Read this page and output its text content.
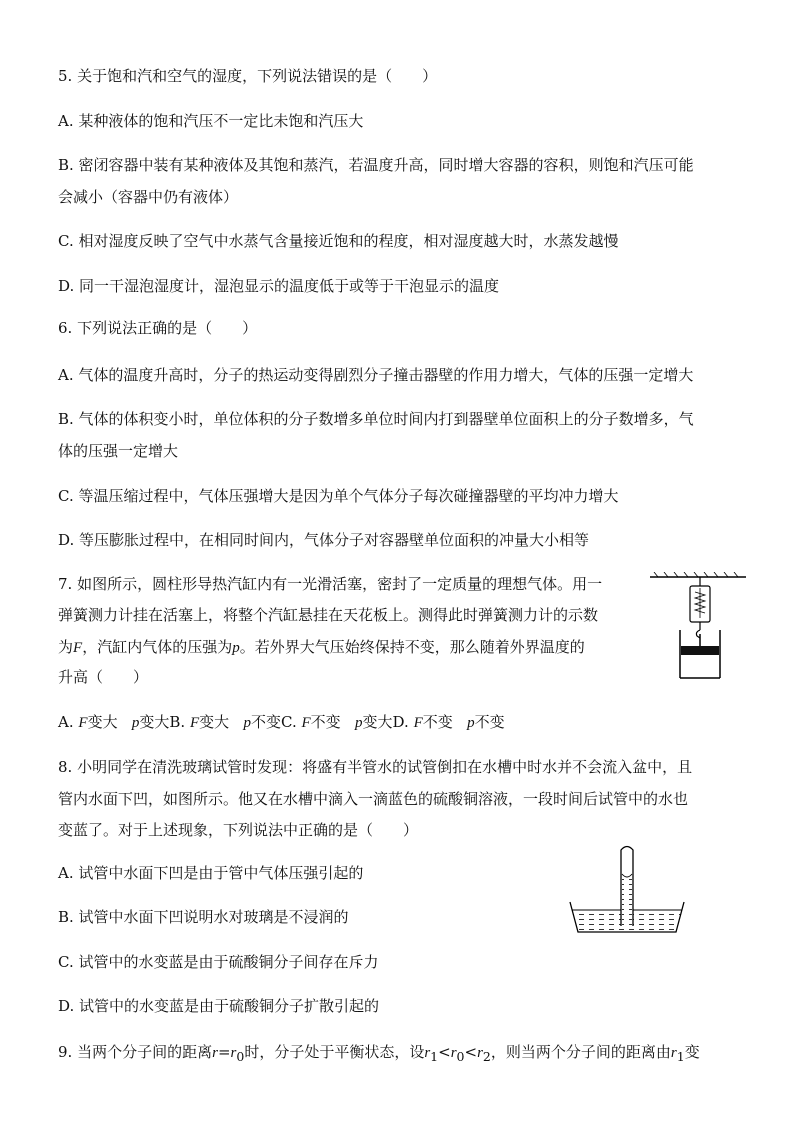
5. 关于饱和汽和空气的湿度，下列说法错误的是（　　）
A. 某种液体的饱和汽压不一定比未饱和汽压大
B. 密闭容器中装有某种液体及其饱和蒸汽，若温度升高，同时增大容器的容积，则饱和汽压可能
会减小（容器中仍有液体）
C. 相对湿度反映了空气中水蒸气含量接近饱和的程度，相对湿度越大时，水蒸发越慢
D. 同一干湿泡湿度计，湿泡显示的温度低于或等于干泡显示的温度
6. 下列说法正确的是（　　）
A. 气体的温度升高时，分子的热运动变得剧烈分子撞击器壁的作用力增大，气体的压强一定增大
B. 气体的体积变小时，单位体积的分子数增多单位时间内打到器壁单位面积上的分子数增多，气
体的压强一定增大
C. 等温压缩过程中，气体压强增大是因为单个气体分子每次碰撞器壁的平均冲力增大
D. 等压膨胀过程中，在相同时间内，气体分子对容器壁单位面积的冲量大小相等
7. 如图所示，圆柱形导热汽缸内有一光滑活塞，密封了一定质量的理想气体。用一
弹簧测力计挂在活塞上，将整个汽缸悬挂在天花板上。测得此时弹簧测力计的示数
为F，汽缸内气体的压强为p。若外界大气压始终保持不变，那么随着外界温度的
升高（　　）
A. F变大 p变大B. F变大 p不变C. F不变 p变大D. F不变 p不变
8. 小明同学在清洗玻璃试管时发现：将盛有半管水的试管倒扣在水槽中时水并不会流入盆中，且
管内水面下凹，如图所示。他又在水槽中滴入一滴蓝色的硫酸铜溶液，一段时间后试管中的水也
变蓝了。对于上述现象，下列说法中正确的是（　　）
A. 试管中水面下凹是由于管中气体压强引起的
B. 试管中水面下凹说明水对玻璃是不浸润的
C. 试管中的水变蓝是由于硫酸铜分子间存在斥力
D. 试管中的水变蓝是由于硫酸铜分子扩散引起的
9. 当两个分子间的距离$r=r_0$时，分子处于平衡状态，设$r_1<r_0<r_2$，则当两个分子间的距离由$r_1$变
